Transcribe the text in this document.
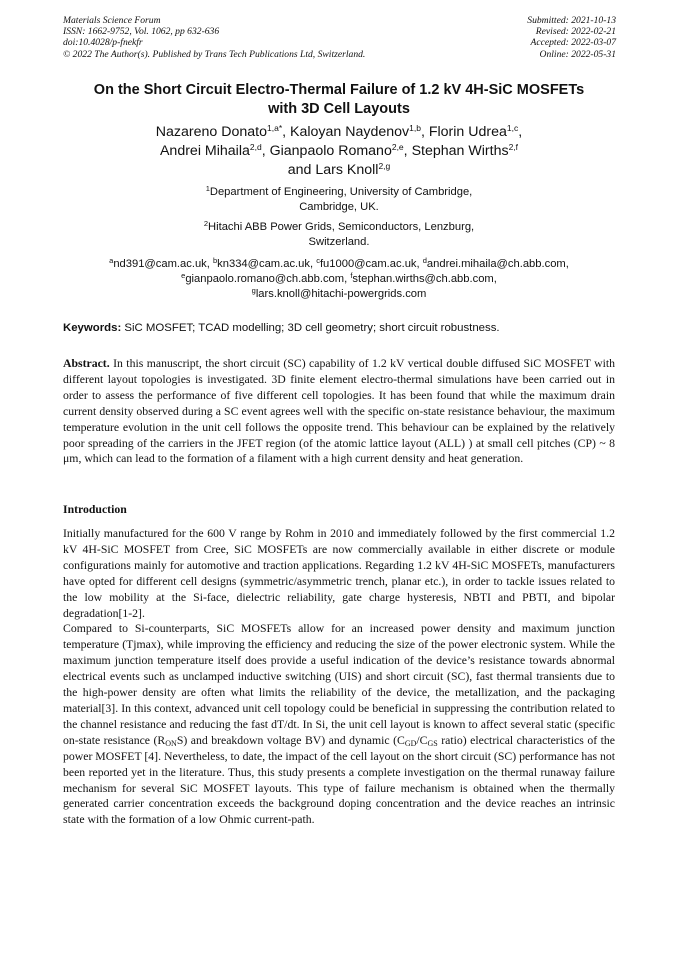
Materials Science Forum
ISSN: 1662-9752, Vol. 1062, pp 632-636
doi:10.4028/p-fnekfr
© 2022 The Author(s). Published by Trans Tech Publications Ltd, Switzerland.
Submitted: 2021-10-13
Revised: 2022-02-21
Accepted: 2022-03-07
Online: 2022-05-31
On the Short Circuit Electro-Thermal Failure of 1.2 kV 4H-SiC MOSFETs
with 3D Cell Layouts
Nazareno Donato$^{1,a*}$, Kaloyan Naydenov$^{1,b}$, Florin Udrea$^{1,c}$,
Andrei Mihaila$^{2,d}$, Gianpaolo Romano$^{2,e}$, Stephan Wirths$^{2,f}$
and Lars Knoll$^{2,g}$
$^1$Department of Engineering, University of Cambridge,
Cambridge, UK.
$^2$Hitachi ABB Power Grids, Semiconductors, Lenzburg,
Switzerland.
$^a$nd391@cam.ac.uk, $^b$kn334@cam.ac.uk, $^c$fu1000@cam.ac.uk, $^d$andrei.mihaila@ch.abb.com,
$^e$gianpaolo.romano@ch.abb.com, $^f$stephan.wirths@ch.abb.com,
$^g$lars.knoll@hitachi-powergrids.com
Keywords: SiC MOSFET; TCAD modelling; 3D cell geometry; short circuit robustness.
Abstract. In this manuscript, the short circuit (SC) capability of 1.2 kV vertical double diffused SiC MOSFET with different layout topologies is investigated. 3D finite element electro-thermal simulations have been carried out in order to assess the performance of five different cell topologies. It has been found that while the maximum drain current density observed during a SC event agrees well with the specific on-state resistance behaviour, the maximum temperature evolution in the unit cell follows the opposite trend. This behaviour can be explained by the relatively poor spreading of the carriers in the JFET region (of the atomic lattice layout (ALL) ) at small cell pitches (CP) ~ 8 μm, which can lead to the formation of a filament with a high current density and heat generation.
Introduction
Initially manufactured for the 600 V range by Rohm in 2010 and immediately followed by the first commercial 1.2 kV 4H-SiC MOSFET from Cree, SiC MOSFETs are now commercially available in either discrete or module configurations mainly for automotive and traction applications. Regarding 1.2 kV 4H-SiC MOSFETs, manufacturers have opted for different cell designs (symmetric/asymmetric trench, planar etc.), in order to tackle issues related to the low mobility at the Si-face, dielectric reliability, gate charge hysteresis, NBTI and PBTI, and bipolar degradation[1-2].
Compared to Si-counterparts, SiC MOSFETs allow for an increased power density and maximum junction temperature (Tjmax), while improving the efficiency and reducing the size of the power electronic system. While the maximum junction temperature itself does provide a useful indication of the device’s resistance towards abnormal electrical events such as unclamped inductive switching (UIS) and short circuit (SC), fast thermal transients due to the high-power density are often what limits the reliability of the device, the metallization, and the packaging material[3]. In this context, advanced unit cell topology could be beneficial in suppressing the contribution related to the channel resistance and reducing the fast dT/dt. In Si, the unit cell layout is known to affect several static (specific on-state resistance $(R_{ON}S)$ and breakdown voltage BV) and dynamic ($C_{GD}/C_{GS}$ ratio) electrical characteristics of the power MOSFET [4]. Nevertheless, to date, the impact of the cell layout on the short circuit (SC) performance has not been reported yet in the literature. Thus, this study presents a complete investigation on the thermal runaway failure mechanism for several SiC MOSFET layouts. This type of failure mechanism is obtained when the thermally generated carrier concentration exceeds the background doping concentration and the device reaches an intrinsic state with the formation of a low Ohmic current-path.
